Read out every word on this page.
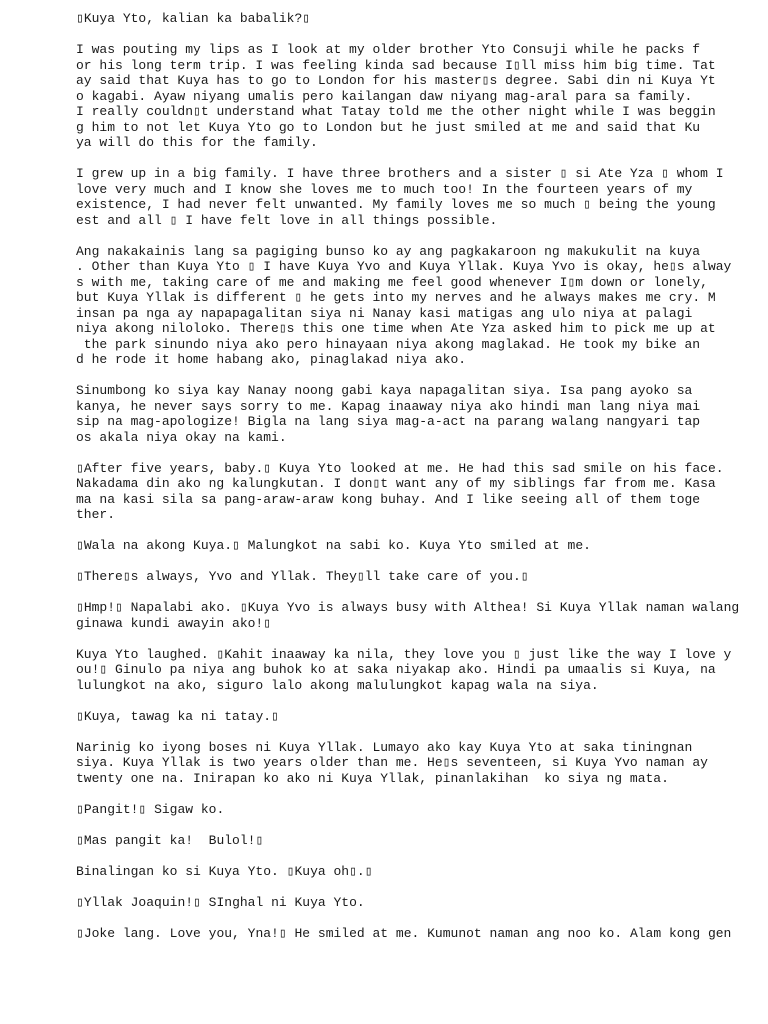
▯Kuya Yto, kalian ka babalik?▯
I was pouting my lips as I look at my older brother Yto Consuji while he packs f
or his long term trip. I was feeling kinda sad because I▯ll miss him big time. Tat
ay said that Kuya has to go to London for his master▯s degree. Sabi din ni Kuya Yt
o kagabi. Ayaw niyang umalis pero kailangan daw niyang mag-aral para sa family.
I really couldn▯t understand what Tatay told me the other night while I was beggin
g him to not let Kuya Yto go to London but he just smiled at me and said that Ku
ya will do this for the family.
I grew up in a big family. I have three brothers and a sister ▯ si Ate Yza ▯ whom I
love very much and I know she loves me to much too! In the fourteen years of my
existence, I had never felt unwanted. My family loves me so much ▯ being the young
est and all ▯ I have felt love in all things possible.
Ang nakakainis lang sa pagiging bunso ko ay ang pagkakaroon ng makukulit na kuya
. Other than Kuya Yto ▯ I have Kuya Yvo and Kuya Yllak. Kuya Yvo is okay, he▯s alway
s with me, taking care of me and making me feel good whenever I▯m down or lonely,
but Kuya Yllak is different ▯ he gets into my nerves and he always makes me cry. M
insan pa nga ay napapagalitan siya ni Nanay kasi matigas ang ulo niya at palagi
niya akong niloloko. There▯s this one time when Ate Yza asked him to pick me up at
the park sinundo niya ako pero hinayaan niya akong maglakad. He took my bike an
d he rode it home habang ako, pinaglakad niya ako.
Sinumbong ko siya kay Nanay noong gabi kaya napagalitan siya. Isa pang ayoko sa
kanya, he never says sorry to me. Kapag inaaway niya ako hindi man lang niya mai
sip na mag-apologize! Bigla na lang siya mag-a-act na parang walang nangyari tap
os akala niya okay na kami.
▯After five years, baby.▯ Kuya Yto looked at me. He had this sad smile on his face.
Nakadama din ako ng kalungkutan. I don▯t want any of my siblings far from me. Kasa
ma na kasi sila sa pang-araw-araw kong buhay. And I like seeing all of them toge
ther.
▯Wala na akong Kuya.▯ Malungkot na sabi ko. Kuya Yto smiled at me.
▯There▯s always, Yvo and Yllak. They▯ll take care of you.▯
▯Hmp!▯ Napalabi ako. ▯Kuya Yvo is always busy with Althea! Si Kuya Yllak naman walang
ginawa kundi awayin ako!▯
Kuya Yto laughed. ▯Kahit inaaway ka nila, they love you ▯ just like the way I love y
ou!▯ Ginulo pa niya ang buhok ko at saka niyakap ako. Hindi pa umaalis si Kuya, na
lulungkot na ako, siguro lalo akong malulungkot kapag wala na siya.
▯Kuya, tawag ka ni tatay.▯
Narinig ko iyong boses ni Kuya Yllak. Lumayo ako kay Kuya Yto at saka tiningnan
siya. Kuya Yllak is two years older than me. He▯s seventeen, si Kuya Yvo naman ay
twenty one na. Inirapan ko ako ni Kuya Yllak, pinanlakihan  ko siya ng mata.
▯Pangit!▯ Sigaw ko.
▯Mas pangit ka!  Bulol!▯
Binalingan ko si Kuya Yto. ▯Kuya oh▯.▯
▯Yllak Joaquin!▯ SInghal ni Kuya Yto.
▯Joke lang. Love you, Yna!▯ He smiled at me. Kumunot naman ang noo ko. Alam kong gen
